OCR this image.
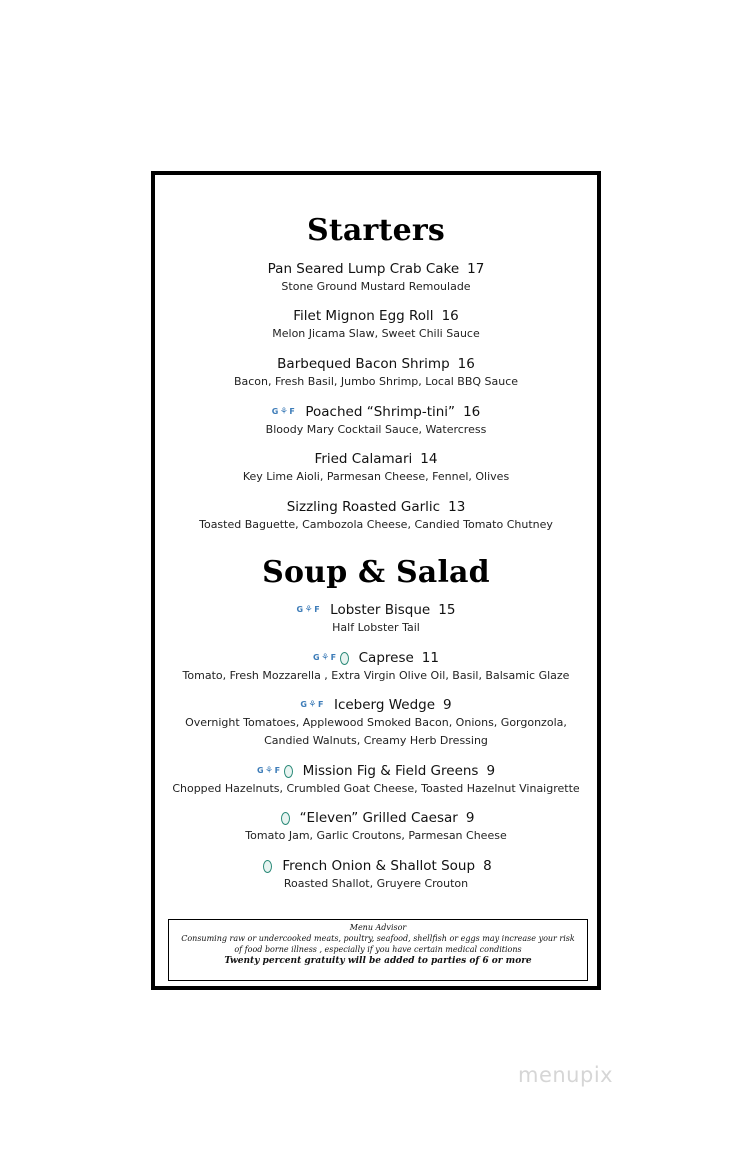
Starters
Pan Seared Lump Crab Cake 17
Stone Ground Mustard Remoulade
Filet Mignon Egg Roll 16
Melon Jicama Slaw, Sweet Chili Sauce
Barbequed Bacon Shrimp 16
Bacon, Fresh Basil, Jumbo Shrimp, Local BBQ Sauce
G⚘F Poached “Shrimp-tini” 16
Bloody Mary Cocktail Sauce, Watercress
Fried Calamari 14
Key Lime Aioli, Parmesan Cheese, Fennel, Olives
Sizzling Roasted Garlic 13
Toasted Baguette, Cambozola Cheese, Candied Tomato Chutney
Soup & Salad
G⚘F Lobster Bisque 15
Half Lobster Tail
G⚘F Caprese 11
Tomato, Fresh Mozzarella , Extra Virgin Olive Oil, Basil, Balsamic Glaze
G⚘F Iceberg Wedge 9
Overnight Tomatoes, Applewood Smoked Bacon, Onions, Gorgonzola, Candied Walnuts, Creamy Herb Dressing
G⚘F Mission Fig & Field Greens 9
Chopped Hazelnuts, Crumbled Goat Cheese, Toasted Hazelnut Vinaigrette
“Eleven” Grilled Caesar 9
Tomato Jam, Garlic Croutons, Parmesan Cheese
French Onion & Shallot Soup 8
Roasted Shallot, Gruyere Crouton
Menu Advisor
Consuming raw or undercooked meats, poultry, seafood, shellfish or eggs may increase your risk of food borne illness , especially if you have certain medical conditions
Twenty percent gratuity will be added to parties of 6 or more
menupix
